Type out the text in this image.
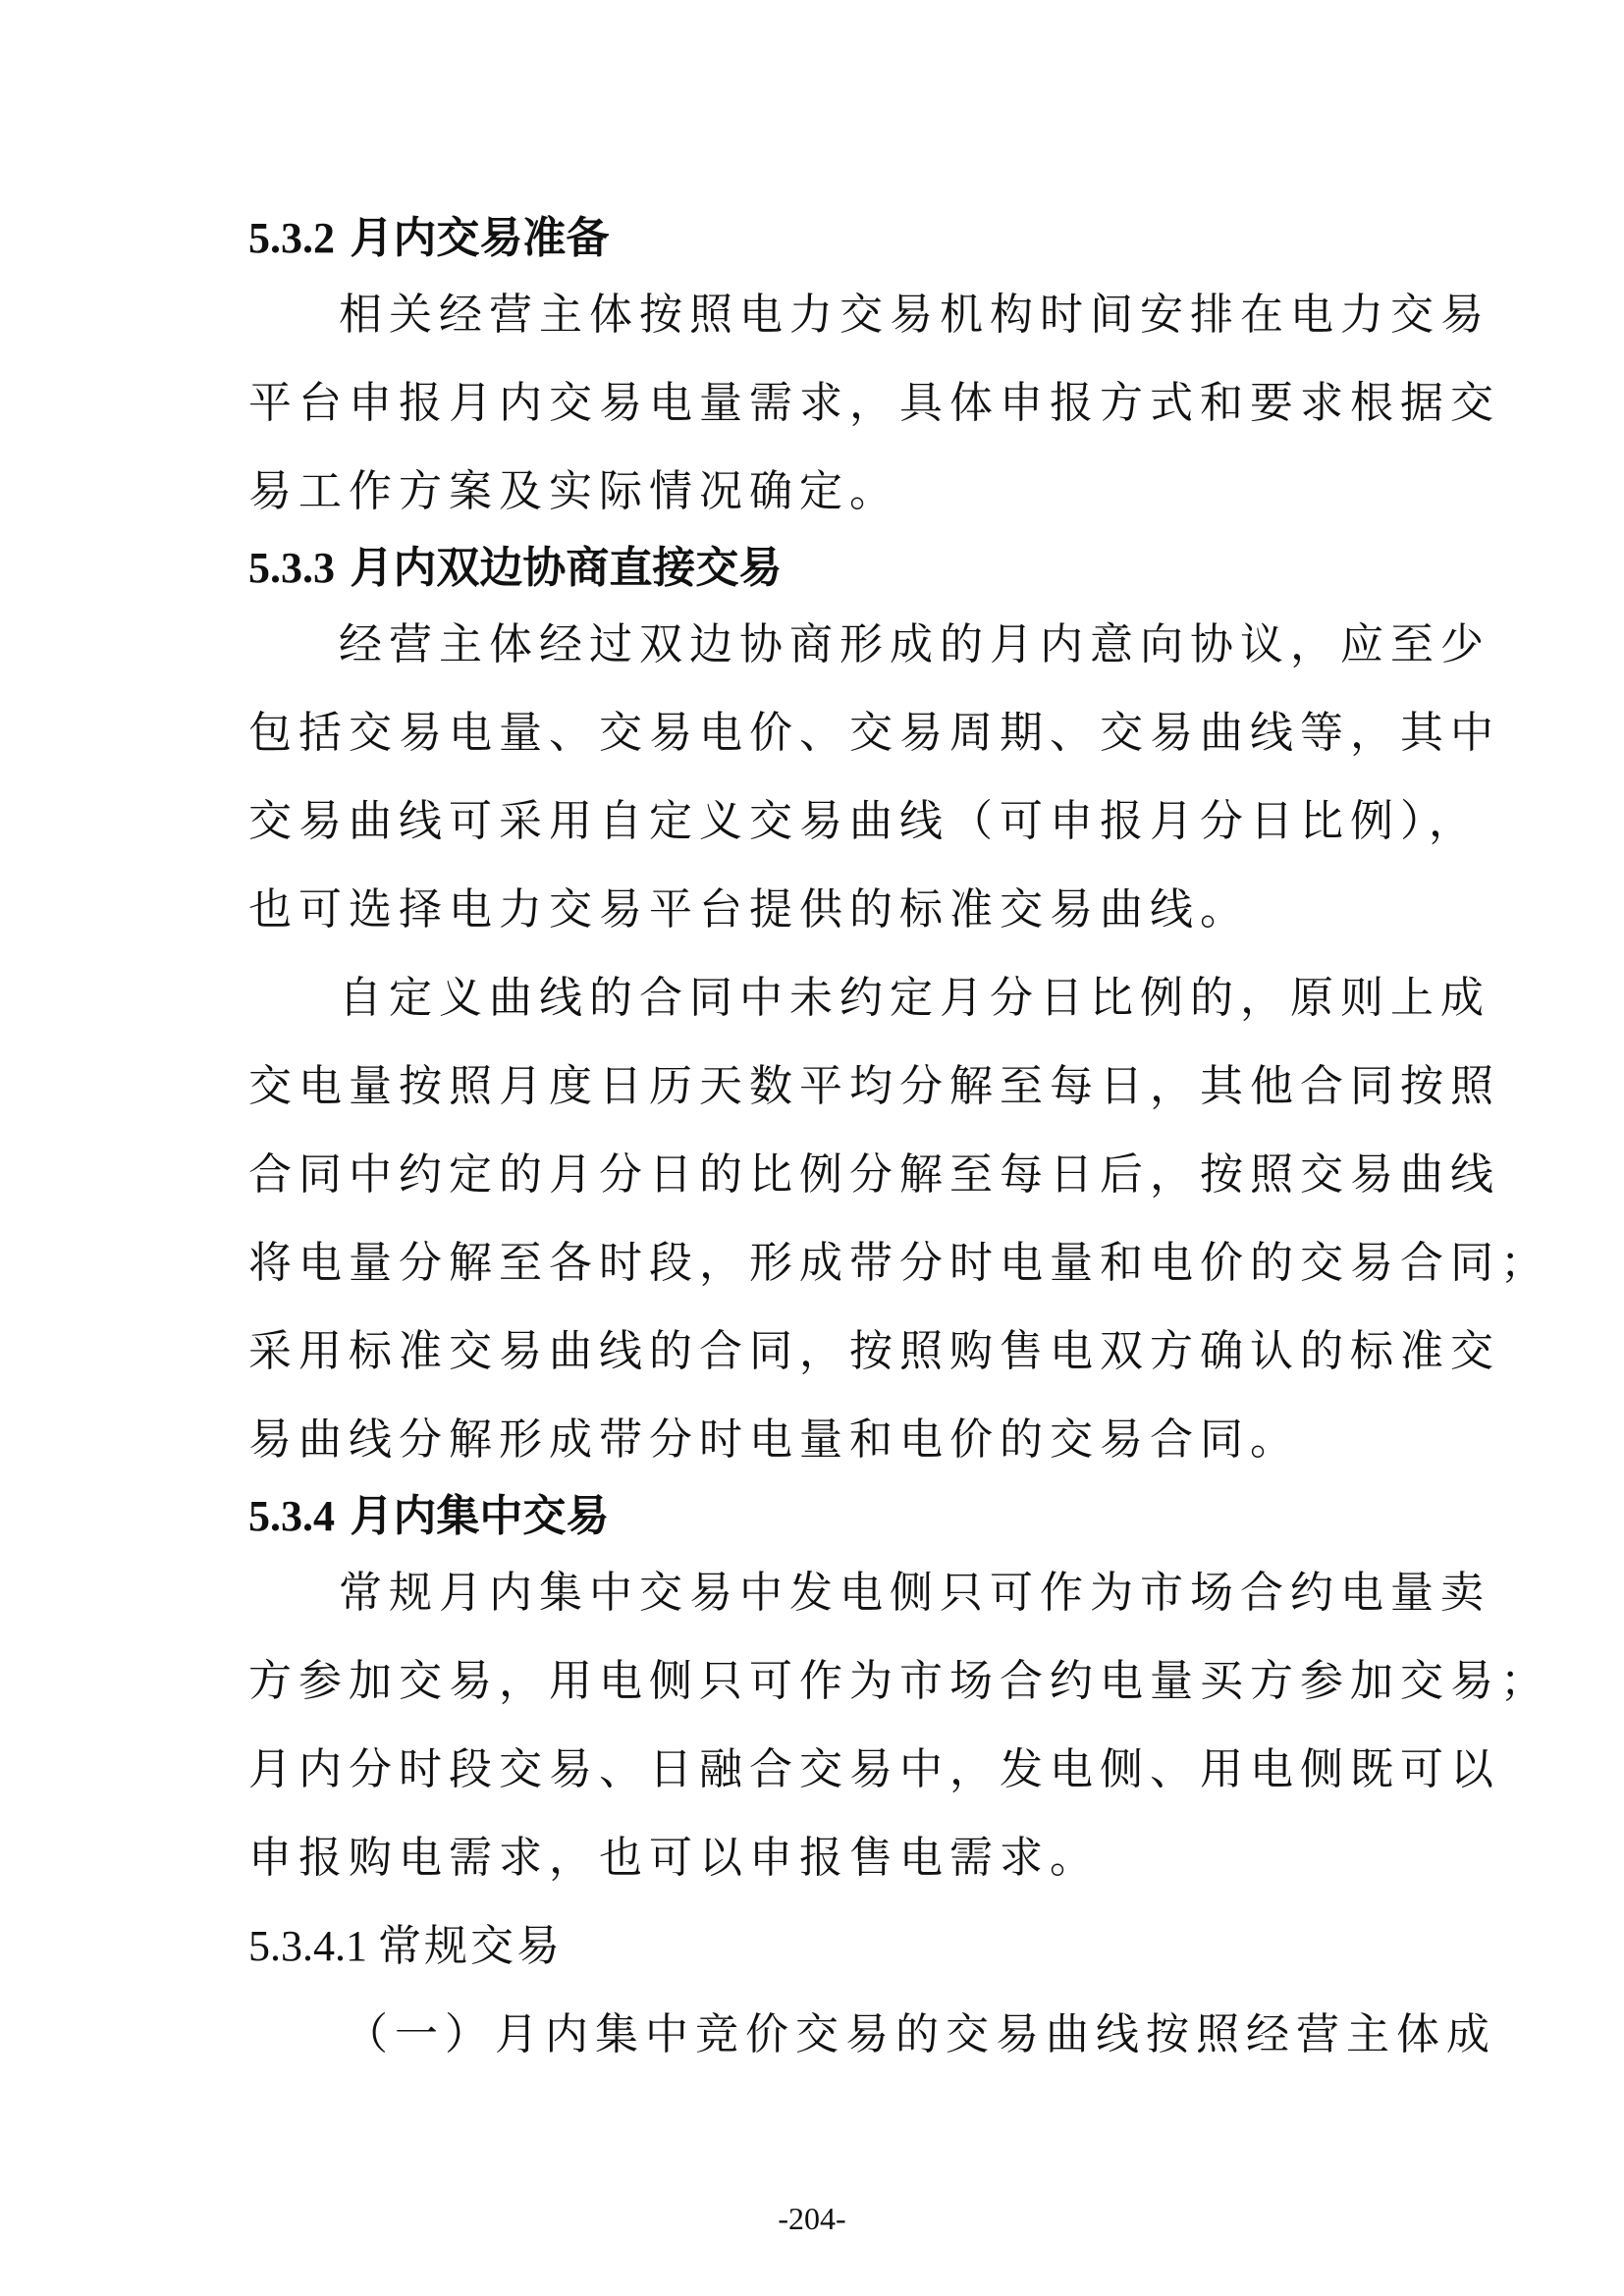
5.3.2 月内交易准备
相关经营主体按照电力交易机构时间安排在电力交易
平台申报月内交易电量需求，具体申报方式和要求根据交
易工作方案及实际情况确定。
5.3.3 月内双边协商直接交易
经营主体经过双边协商形成的月内意向协议，应至少
包括交易电量、交易电价、交易周期、交易曲线等，其中
交易曲线可采用自定义交易曲线（可申报月分日比例），
也可选择电力交易平台提供的标准交易曲线。
自定义曲线的合同中未约定月分日比例的，原则上成
交电量按照月度日历天数平均分解至每日，其他合同按照
合同中约定的月分日的比例分解至每日后，按照交易曲线
将电量分解至各时段，形成带分时电量和电价的交易合同；
采用标准交易曲线的合同，按照购售电双方确认的标准交
易曲线分解形成带分时电量和电价的交易合同。
5.3.4 月内集中交易
常规月内集中交易中发电侧只可作为市场合约电量卖
方参加交易，用电侧只可作为市场合约电量买方参加交易；
月内分时段交易、日融合交易中，发电侧、用电侧既可以
申报购电需求，也可以申报售电需求。
5.3.4.1 常规交易
（一）月内集中竞价交易的交易曲线按照经营主体成
-204-
